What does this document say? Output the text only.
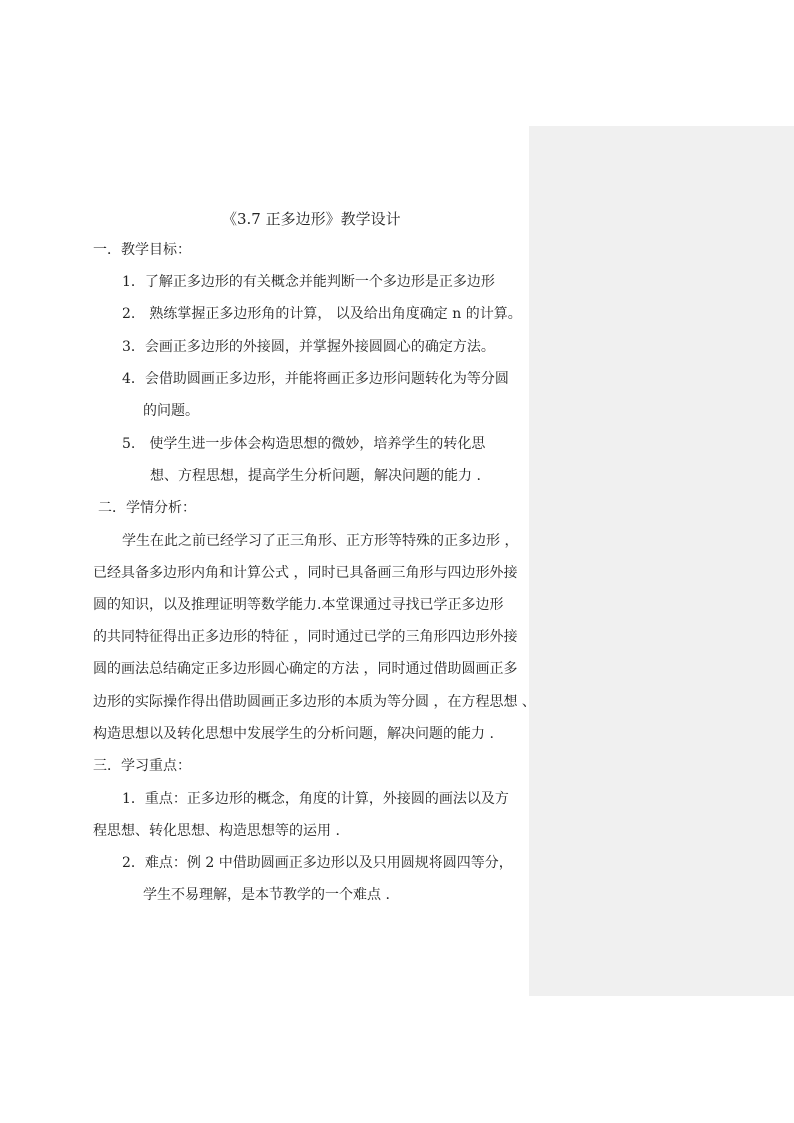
《3.7 正多边形》教学设计
一．教学目标：
1．了解正多边形的有关概念并能判断一个多边形是正多边形
2.　熟练掌握正多边形角的计算， 以及给出角度确定 n 的计算。
3．会画正多边形的外接圆，并掌握外接圆圆心的确定方法。
4．会借助圆画正多边形，并能将画正多边形问题转化为等分圆
的问题。
5.　使学生进一步体会构造思想的微妙，培养学生的转化思
想、方程思想，提高学生分析问题，解决问题的能力 .
二．学情分析：
学生在此之前已经学习了正三角形、正方形等特殊的正多边形 ，
已经具备多边形内角和计算公式 ，同时已具备画三角形与四边形外接
圆的知识，以及推理证明等数学能力.本堂课通过寻找已学正多边形
的共同特征得出正多边形的特征 ，同时通过已学的三角形四边形外接
圆的画法总结确定正多边形圆心确定的方法 ，同时通过借助圆画正多
边形的实际操作得出借助圆画正多边形的本质为等分圆 ，在方程思想 、
构造思想以及转化思想中发展学生的分析问题，解决问题的能力 .
三．学习重点：
1．重点：正多边形的概念，角度的计算，外接圆的画法以及方
程思想、转化思想、构造思想等的运用 .
2．难点：例 2 中借助圆画正多边形以及只用圆规将圆四等分，
学生不易理解，是本节教学的一个难点 .
